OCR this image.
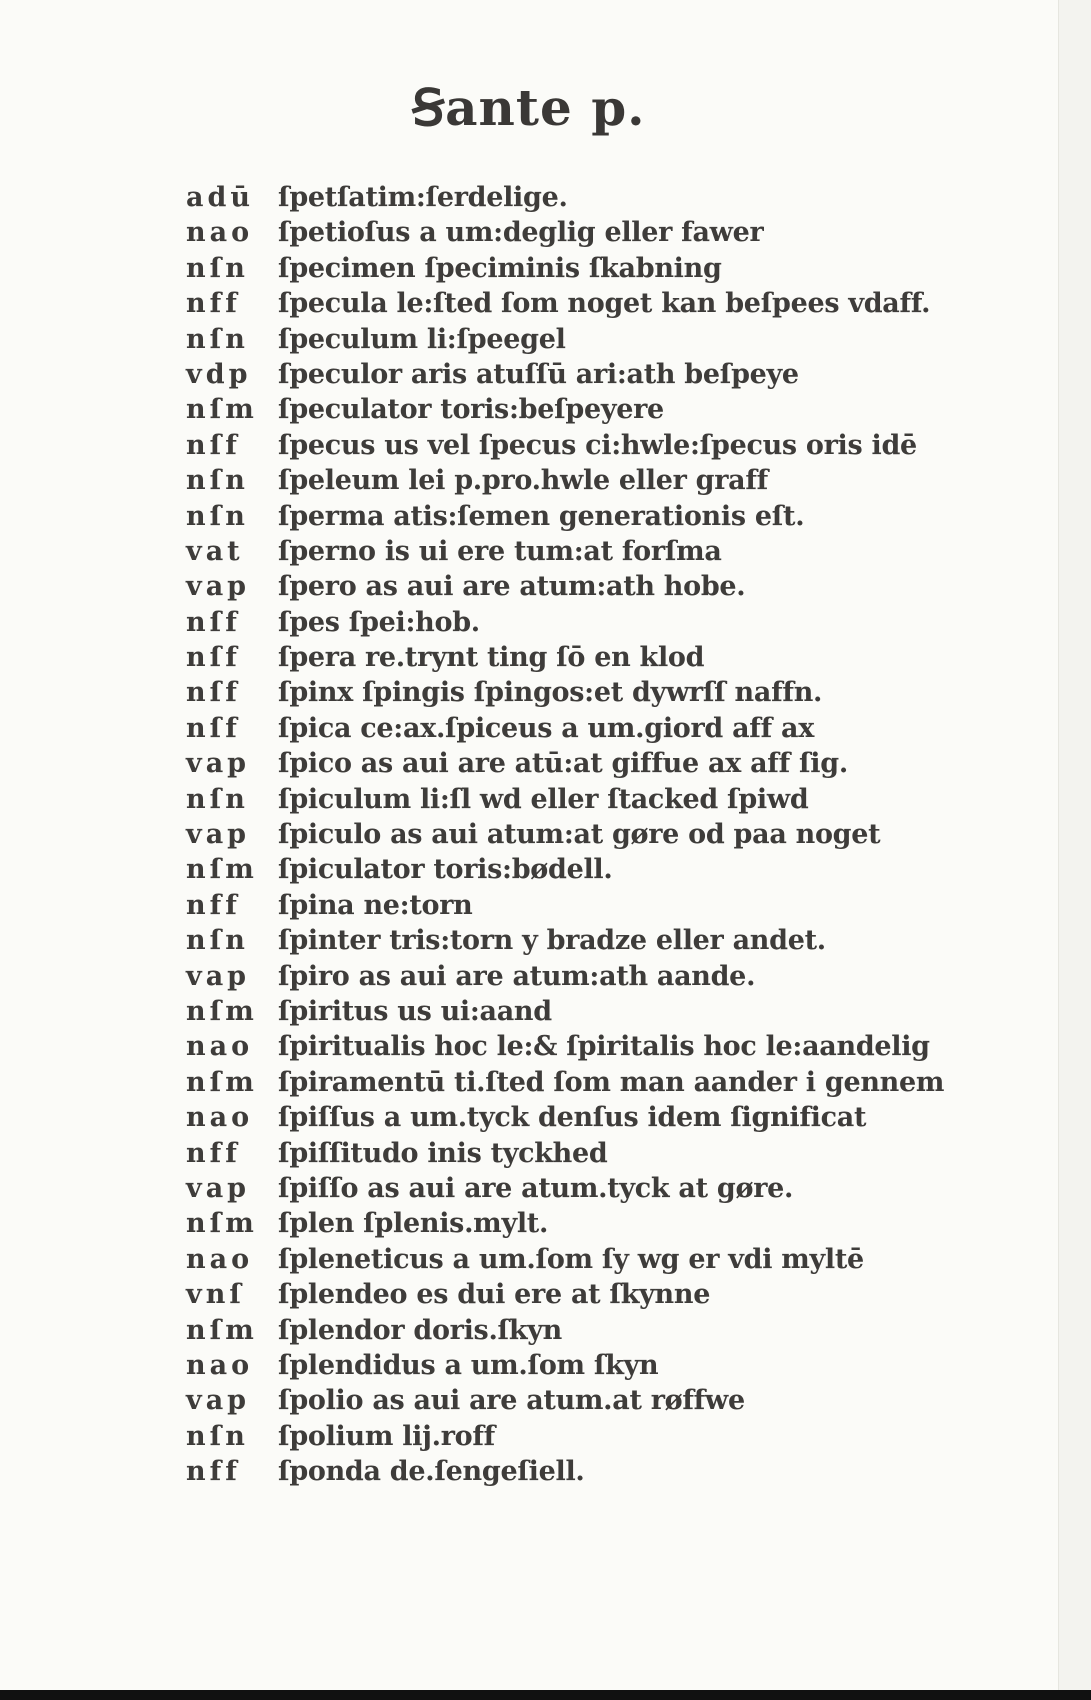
Ꞩante p.
adū ſpetſatim:ſerdelige.
nao ſpetioſus a um:deglig eller fawer
nſn	ſpecimen ſpeciminis ſkabning
nff	ſpecula le:ſted ſom noget kan beſpees vdaff.
nſn	ſpeculum li:ſpeegel
vdp ſpeculor aris atuſſū ari:ath beſpeye
nſm ſpeculator toris:beſpeyere
nſf	ſpecus us vel ſpecus ci:hwle:ſpecus oris idē
nſn	ſpeleum lei p.pro.hwle eller graff
nſn	ſperma atis:ſemen generationis eſt.
vat	ſperno is ui ere tum:at forſma
vap	ſpero as aui are atum:ath hobe.
nſf	ſpes ſpei:hob.
nſf	ſpera re.trynt ting ſō en klod
nſf	ſpinx ſpingis ſpingos:et dywrſſ naffn.
nſf	ſpica ce:ax.ſpiceus a um.giord aff ax
vap	ſpico as aui are atū:at giffue ax aff ſig.
nſn	ſpiculum li:ſl wd eller ſtacked ſpiwd
vap	ſpiculo as aui atum:at gøre od paa noget
nſm ſpiculator toris:bødell.
nff	ſpina ne:torn
nſn	ſpinter tris:torn y bradze eller andet.
vap	ſpiro as aui are atum:ath aande.
nſm ſpiritus us ui:aand
nao ſpiritualis hoc le:& ſpiritalis hoc le:aandelig
nſm ſpiramentū ti.ſted ſom man aander i gennem
nao ſpiſſus a um.tyck denſus idem ſignificat
nff	ſpiſſitudo inis tyckhed
vap	ſpiſſo as aui are atum.tyck at gøre.
nſm ſplen ſplenis.mylt.
nao ſpleneticus a um.ſom ſy wg er vdi myltē
vnſ	ſplendeo es dui ere at ſkynne
nſm ſplendor doris.ſkyn
nao ſplendidus a um.ſom ſkyn
vap	ſpolio as aui are atum.at røffwe
nſn	ſpolium lij.roff
nff	ſponda de.ſengeſiell.
